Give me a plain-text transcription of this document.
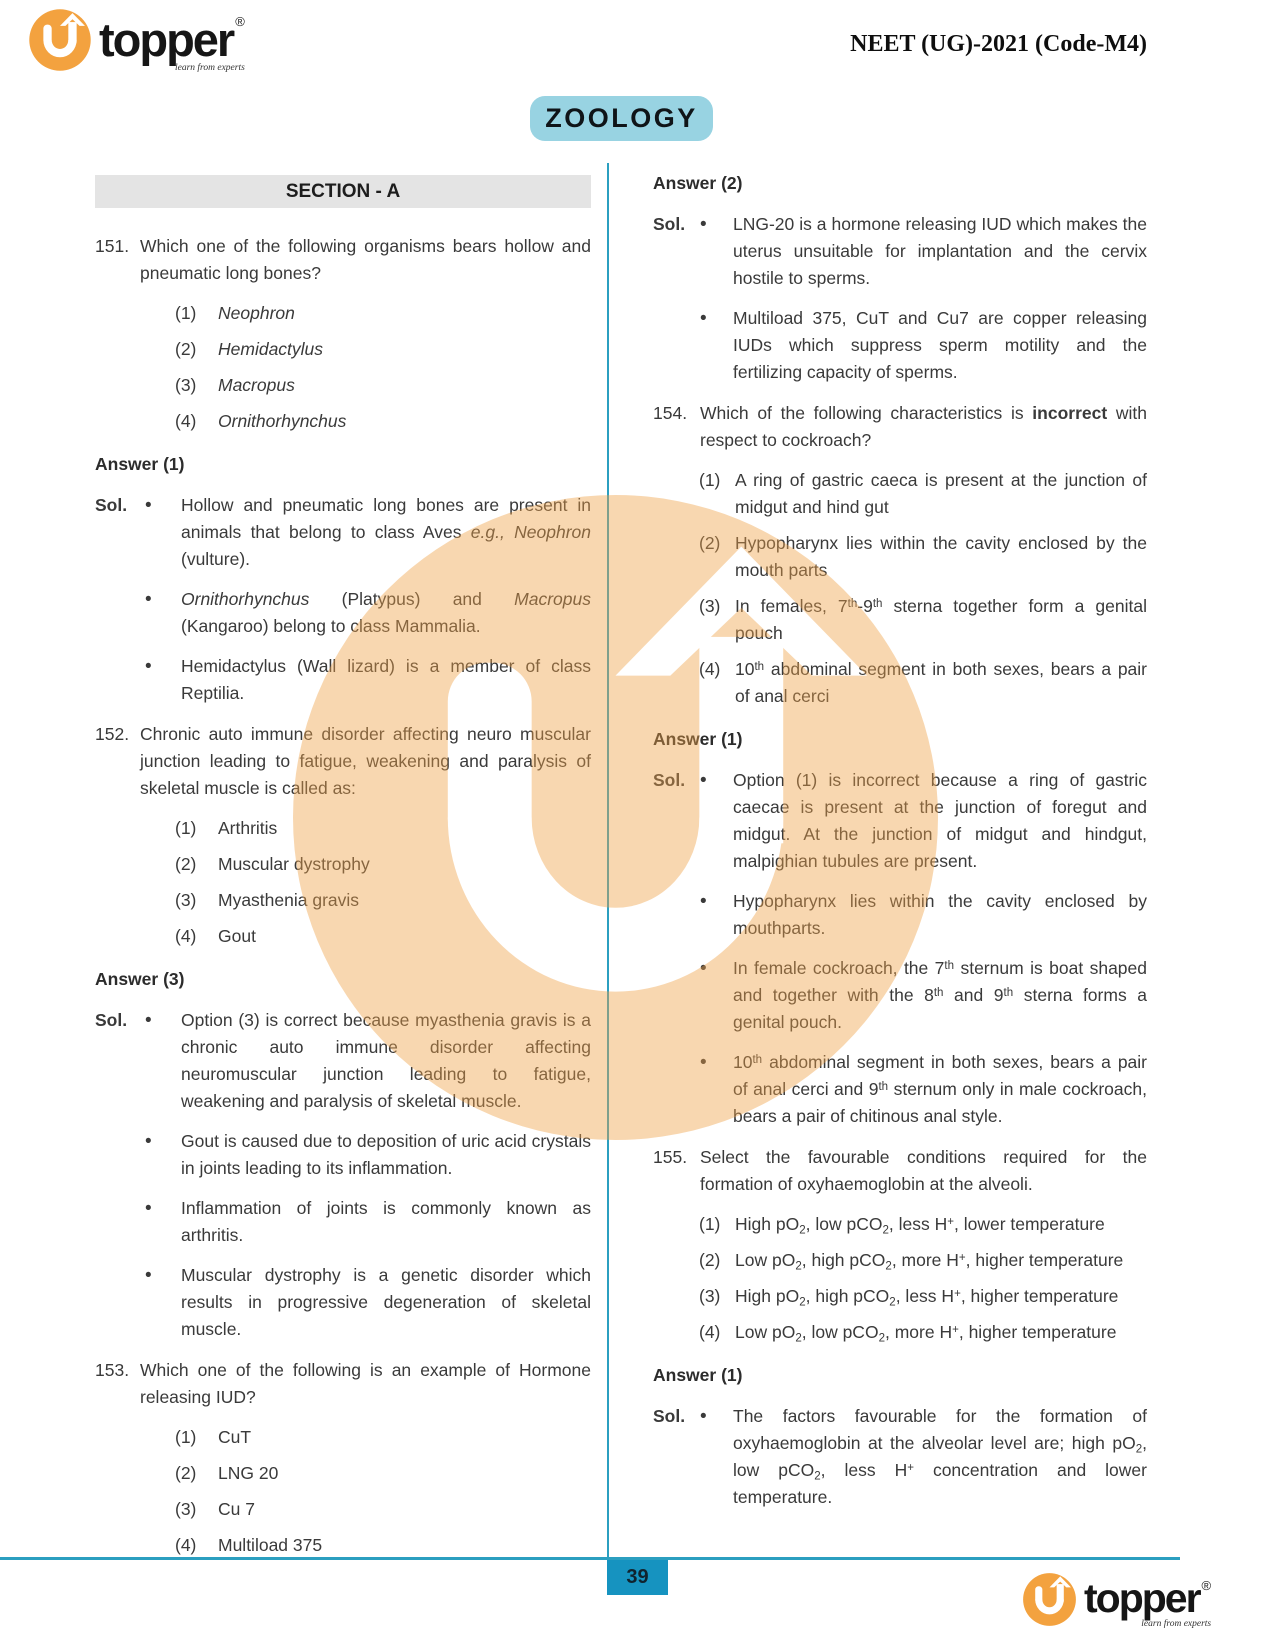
topper ®
learn from experts
NEET (UG)-2021 (Code-M4)
ZOOLOGY
39	topper ®
learn from experts
SECTION - A
151. Which one of the following organisms bears hollow and pneumatic long bones?
(1)	Neophron
(2)	Hemidactylus
(3)	Macropus
(4)	Ornithorhynchus
Answer (1)
Sol. •	Hollow and pneumatic long bones are present in animals that belong to class Aves e.g., Neophron (vulture).
•
Ornithorhynchus (Platypus) and Macropus (Kangaroo) belong to class Mammalia.
•
Hemidactylus (Wall lizard) is a member of class Reptilia.
152. Chronic auto immune disorder affecting neuro muscular junction leading to fatigue, weakening and paralysis of skeletal muscle is called as:
(1)	Arthritis
(2)	Muscular dystrophy
(3)	Myasthenia gravis
(4)	Gout
Answer (3)
Sol. •	Option (3) is correct because myasthenia gravis is a chronic auto immune disorder affecting neuromuscular junction leading to fatigue, weakening and paralysis of skeletal muscle.
•
Gout is caused due to deposition of uric acid crystals in joints leading to its inflammation.
•
Inflammation of joints is commonly known as arthritis.
•
Muscular dystrophy is a genetic disorder which results in progressive degeneration of skeletal muscle.
153. Which one of the following is an example of Hormone releasing IUD?
(1)	CuT
(2)	LNG 20
(3)	Cu 7
(4)	Multiload 375
Answer (2)
Sol. •	LNG-20 is a hormone releasing IUD which makes the uterus unsuitable for implantation and the cervix hostile to sperms.
•
Multiload 375, CuT and Cu7 are copper releasing IUDs which suppress sperm motility and the fertilizing capacity of sperms.
154. Which of the following characteristics is incorrect with respect to cockroach?
(1) A ring of gastric caeca is present at the junction of midgut and hind gut
(2) Hypopharynx lies within the cavity enclosed by the mouth parts
(3) In females, 7th-9th sterna together form a genital pouch
(4) 10th abdominal segment in both sexes, bears a pair of anal cerci
Answer (1)
Sol. •	Option (1) is incorrect because a ring of gastric caecae is present at the junction of foregut and midgut. At the junction of midgut and hindgut, malpighian tubules are present.
•
Hypopharynx lies within the cavity enclosed by mouthparts.
•
In female cockroach, the 7th sternum is boat shaped and together with the 8th and 9th sterna forms a genital pouch.
•
10th abdominal segment in both sexes, bears a pair of anal cerci and 9th sternum only in male cockroach, bears a pair of chitinous anal style.
155. Select the favourable conditions required for the formation of oxyhaemoglobin at the alveoli.
(1) High $pO_2$, low pCO$_2$, less H+, lower temperature
(2) Low $pO_2$, high pCO$_2$, more H+, higher temperature
(3) High $pO_2$, high pCO$_2$, less H+, higher temperature
(4) Low $pO_2$, low pCO$_2$, more H+, higher temperature
Answer (1)
Sol. •	The factors favourable for the formation of oxyhaemoglobin at the alveolar level are; high $pO_2$, low pCO$_2$, less H+ concentration and lower temperature.
